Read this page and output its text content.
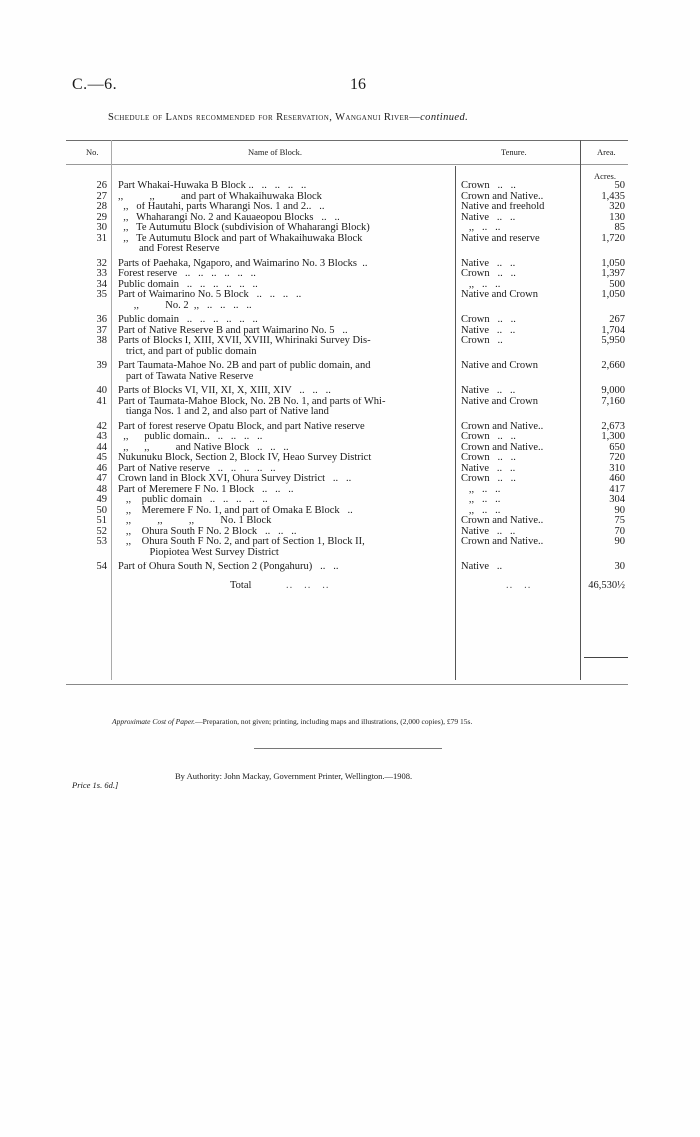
C.—6.	16
Schedule of Lands recommended for Reservation, Wanganui River—continued.
No.	Name of Block.	Tenure.	Area.
Acres.
26 Part Whakai-Huwaka B Block ..   ..   ..   ..   ..	Crown   ..   ..	50
27 ,,          ,,          and part of Whakaihuwaka Block	Crown and Native..	1,435
28 ,,   of Hautahi, parts Wharangi Nos. 1 and 2..   ..	Native and freehold	320
29 ,,   Whaharangi No. 2 and Kauaeopou Blocks   ..   ..	Native   ..   ..	130
30 ,,   Te Autumutu Block (subdivision of Whaharangi Block)	,,   ..   ..	85
31 ,,   Te Autumutu Block and part of Whakaihuwaka Block	Native and reserve	1,720
and Forest Reserve
32 Parts of Paehaka, Ngaporo, and Waimarino No. 3 Blocks  ..	Native   ..   ..	1,050
33 Forest reserve   ..   ..   ..   ..   ..   ..	Crown   ..   ..	1,397
34 Public domain   ..   ..   ..   ..   ..   ..	,,   ..   ..	500
35 Part of Waimarino No. 5 Block   ..   ..   ..   ..	Native and Crown	1,050
,,          No. 2  ,,   ..   ..   ..   ..
36 Public domain   ..   ..   ..   ..   ..   ..	Crown   ..   ..	267
37 Part of Native Reserve B and part Waimarino No. 5   ..	Native   ..   ..	1,704
38 Parts of Blocks I, XIII, XVII, XVIII, Whirinaki Survey Dis-	Crown   ..	5,950
trict, and part of public domain
39 Part Taumata-Mahoe No. 2B and part of public domain, and	Native and Crown	2,660
part of Tawata Native Reserve
40 Parts of Blocks VI, VII, XI, X, XIII, XIV   ..   ..   ..	Native   ..   ..	9,000
41 Part of Taumata-Mahoe Block, No. 2B No. 1, and parts of Whi-	Native and Crown	7,160
tianga Nos. 1 and 2, and also part of Native land
42 Part of forest reserve Opatu Block, and part Native reserve	Crown and Native..	2,673
43 ,,      public domain..   ..   ..   ..   ..	Crown   ..   ..	1,300
44 ,,      ,,          and Native Block   ..   ..   ..	Crown and Native..	650
45 Nukunuku Block, Section 2, Block IV, Heao Survey District	Crown   ..   ..	720
46 Part of Native reserve   ..   ..   ..   ..   ..	Native   ..   ..	310
47 Crown land in Block XVI, Ohura Survey District   ..   ..	Crown   ..   ..	460
48 Part of Meremere F No. 1 Block   ..   ..   ..	,,   ..   ..	417
49 ,,    public domain   ..   ..   ..   ..   ..	,,   ..   ..	304
50 ,,    Meremere F No. 1, and part of Omaka E Block   ..	,,   ..   ..	90
51 ,,          ,,          ,,          No. 1 Block	Crown and Native..	75
52 ,,    Ohura South F No. 2 Block   ..   ..   ..	Native   ..   ..	70
53 ,,    Ohura South F No. 2, and part of Section 1, Block II,	Crown and Native..	90
Piopiotea West Survey District
54 Part of Ohura South N, Section 2 (Pongahuru)   ..   ..	Native   ..	30
Total	..   ..   ..	..   ..	46,530½
Approximate Cost of Paper.—Preparation, not given; printing, including maps and illustrations, (2,000 copies), £79 15s.
By Authority: John Mackay, Government Printer, Wellington.—1908.
Price 1s. 6d.]
